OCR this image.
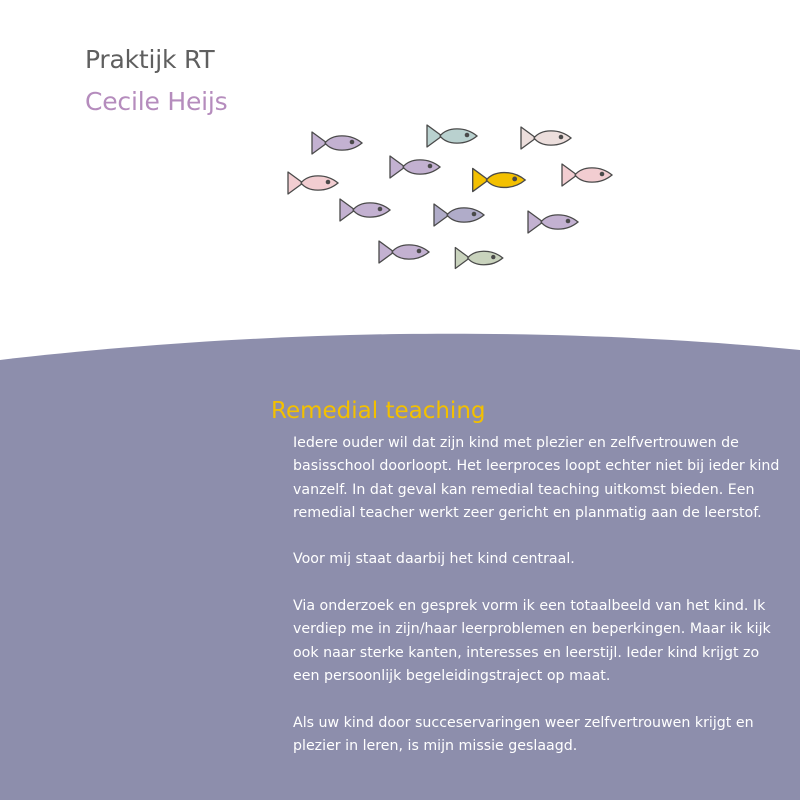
Praktijk RT
Cecile Heijs
Remedial teaching

Iedere ouder wil dat zijn kind met plezier en zelfvertrouwen de basisschool doorloopt. Het leerproces loopt echter niet bij ieder kind vanzelf. In dat geval kan remedial teaching uitkomst bieden. Een remedial teacher werkt zeer gericht en planmatig aan de leerstof.

Voor mij staat daarbij het kind centraal.

Via onderzoek en gesprek vorm ik een totaalbeeld van het kind. Ik verdiep me in zijn/haar leerproblemen en beperkingen. Maar ik kijk ook naar sterke kanten, interesses en leerstijl. Ieder kind krijgt zo een persoonlijk begeleidingstraject op maat.

Als uw kind door succeservaringen weer zelfvertrouwen krijgt en plezier in leren, is mijn missie geslaagd.
